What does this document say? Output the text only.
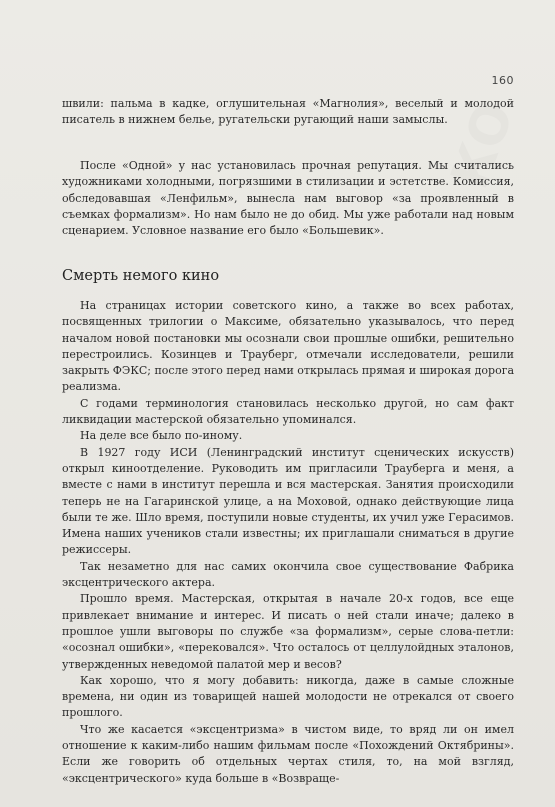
КО
160

швили: пальма в кадке, оглушительная «Магнолия», веселый и молодой писатель в нижнем белье, ругательски ругающий наши замыслы.

После «Одной» у нас установилась прочная репутация. Мы считались художниками холодными, погрязшими в стилизации и эстетстве. Комиссия, обследовавшая «Ленфильм», вынесла нам выговор «за проявленный в съемках формализм». Но нам было не до обид. Мы уже работали над новым сценарием. Условное название его было «Большевик».

Смерть немого кино

На страницах истории советского кино, а также во всех работах, посвященных трилогии о Максиме, обязательно указывалось, что перед началом новой постановки мы осознали свои прошлые ошибки, решительно перестроились. Козинцев и Трауберг, отмечали исследователи, решили закрыть ФЭКС; после этого перед нами открылась прямая и широкая дорога реализма.

С годами терминология становилась несколько другой, но сам факт ликвидации мастерской обязательно упоминался.

На деле все было по-иному.

В 1927 году ИСИ (Ленинградский институт сценических искусств) открыл киноотделение. Руководить им пригласили Трауберга и меня, а вместе с нами в институт перешла и вся мастерская. Занятия происходили теперь не на Гагаринской улице, а на Моховой, однако действующие лица были те же. Шло время, поступили новые студенты, их учил уже Герасимов. Имена наших учеников стали известны; их приглашали сниматься в другие режиссеры.

Так незаметно для нас самих окончила свое существование Фабрика эксцентрического актера.

Прошло время. Мастерская, открытая в начале 20-х годов, все еще привлекает внимание и интерес. И писать о ней стали иначе; далеко в прошлое ушли выговоры по службе «за формализм», серые слова-петли: «осознал ошибки», «перековался». Что осталось от целлулойдных эталонов, утвержденных неведомой палатой мер и весов?

Как хорошо, что я могу добавить: никогда, даже в самые сложные времена, ни один из товарищей нашей молодости не отрекался от своего прошлого.

Что же касается «эксцентризма» в чистом виде, то вряд ли он имел отношение к каким-либо нашим фильмам после «Похождений Октябрины». Если же говорить об отдельных чертах стиля, то, на мой взгляд, «эксцентрического» куда больше в «Возвраще-
